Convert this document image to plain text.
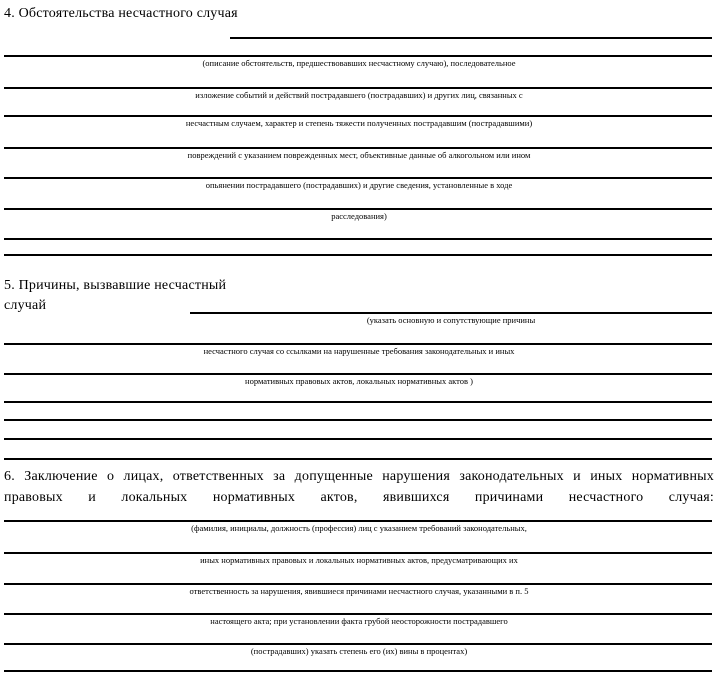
4. Обстоятельства несчастного случая
(описание обстоятельств, предшествовавших несчастному случаю), последовательное
изложение событий и действий пострадавшего (пострадавших) и других лиц, связанных с
несчастным случаем, характер и степень тяжести полученных пострадавшим (пострадавшими)
повреждений с указанием поврежденных мест, объективные данные об алкогольном или ином
опьянении пострадавшего (пострадавших) и другие сведения, установленные в ходе
расследования)
5. Причины, вызвавшие несчастный случай
(указать основную и сопутствующие причины
несчастного случая со ссылками на нарушенные требования законодательных и иных
нормативных правовых актов, локальных нормативных актов )
6. Заключение о лицах, ответственных за допущенные нарушения законодательных и иных нормативных правовых и локальных нормативных актов, явившихся причинами несчастного случая:
(фамилия, инициалы, должность (профессия) лиц с указанием требований законодательных,
иных нормативных правовых и локальных нормативных актов, предусматривающих их
ответственность за нарушения, явившиеся причинами несчастного случая, указанными в п. 5
настоящего акта; при установлении факта грубой неосторожности пострадавшего
(пострадавших) указать степень его (их) вины в процентах)
